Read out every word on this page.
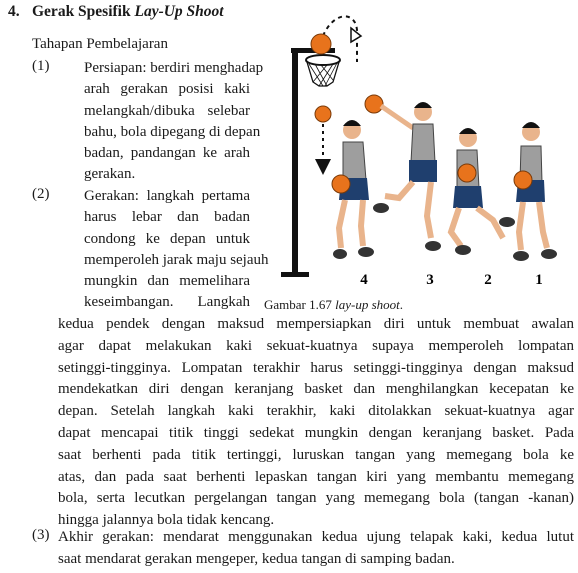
4. Gerak Spesifik Lay-Up Shoot
Tahapan Pembelajaran
(1) Persiapan: berdiri menghadap
arah gerakan posisi kaki
melangkah/dibuka selebar
bahu, bola dipegang di depan
badan, pandangan ke arah
gerakan.
(2) Gerakan: langkah pertama
harus lebar dan badan
condong ke depan untuk
memperoleh jarak maju sejauh
mungkin dan memelihara
keseimbangan. Langkah
kedua pendek dengan maksud mempersiapkan diri untuk membuat awalan
agar dapat melakukan kaki sekuat-kuatnya supaya memperoleh lompatan
setinggi-tingginya. Lompatan terakhir harus setinggi-tingginya dengan maksud
mendekatkan diri dengan keranjang basket dan menghilangkan kecepatan ke
depan. Setelah langkah kaki terakhir, kaki ditolakkan sekuat-kuatnya agar
dapat mencapai titik tinggi sedekat mungkin dengan keranjang basket. Pada
saat berhenti pada titik tertinggi, luruskan tangan yang memegang bola ke
atas, dan pada saat berhenti lepaskan tangan kiri yang membantu memegang
bola, serta lecutkan pergelangan tangan yang memegang bola (tangan -kanan)
hingga jalannya bola tidak kencang.
(3) Akhir gerakan: mendarat menggunakan kedua ujung telapak kaki, kedua lutut
saat mendarat gerakan mengeper, kedua tangan di samping badan.
4	3	2	1
Gambar 1.67 lay-up shoot.
